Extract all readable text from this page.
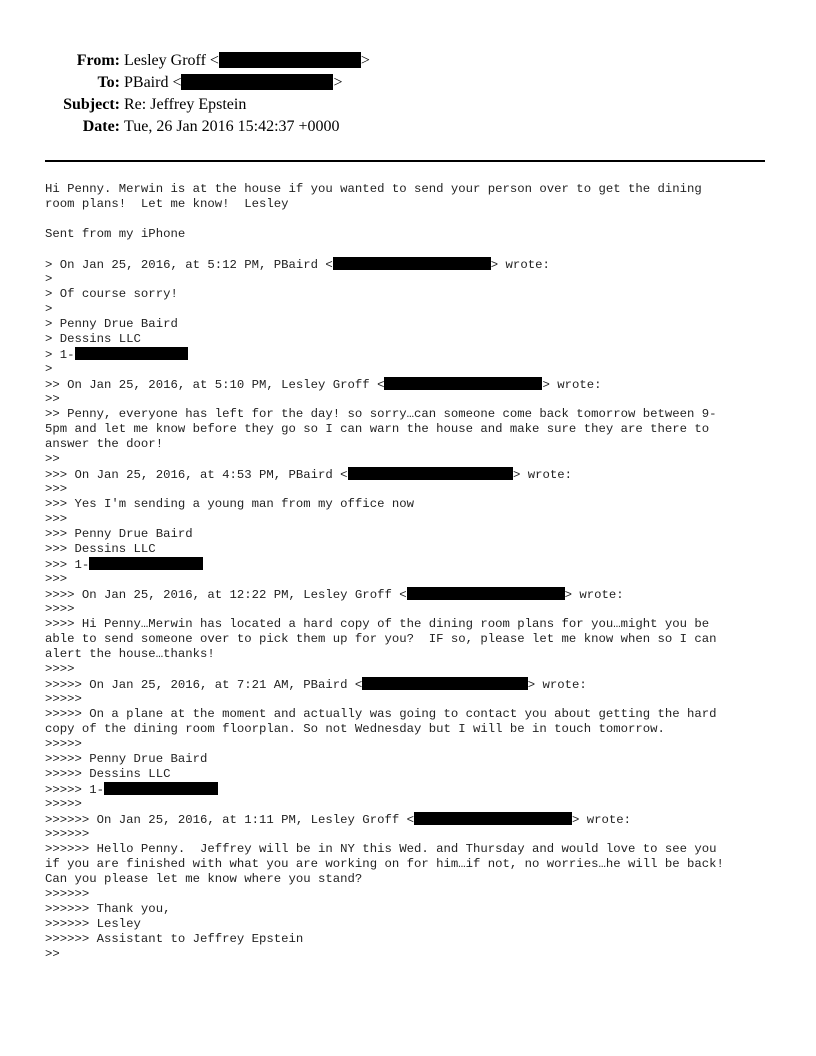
From: Lesley Groff <	>
To: PBaird <	>
Subject: Re: Jeffrey Epstein
Date: Tue, 26 Jan 2016 15:42:37 +0000
Hi Penny. Merwin is at the house if you wanted to send your person over to get the dining
room plans!  Let me know!  Lesley
Sent from my iPhone
> On Jan 25, 2016, at 5:12 PM, PBaird <	> wrote:
>
> Of course sorry!
>
> Penny Drue Baird
> Dessins LLC
> 1-
>
>> On Jan 25, 2016, at 5:10 PM, Lesley Groff <	> wrote:
>>
>> Penny, everyone has left for the day! so sorry…can someone come back tomorrow between 9-
5pm and let me know before they go so I can warn the house and make sure they are there to
answer the door!
>>
>>> On Jan 25, 2016, at 4:53 PM, PBaird <	> wrote:
>>>
>>> Yes I'm sending a young man from my office now
>>>
>>> Penny Drue Baird
>>> Dessins LLC
>>> 1-
>>>
>>>> On Jan 25, 2016, at 12:22 PM, Lesley Groff <	> wrote:
>>>>
>>>> Hi Penny…Merwin has located a hard copy of the dining room plans for you…might you be
able to send someone over to pick them up for you?  IF so, please let me know when so I can
alert the house…thanks!
>>>>
>>>>> On Jan 25, 2016, at 7:21 AM, PBaird <	> wrote:
>>>>>
>>>>> On a plane at the moment and actually was going to contact you about getting the hard
copy of the dining room floorplan. So not Wednesday but I will be in touch tomorrow.
>>>>>
>>>>> Penny Drue Baird
>>>>> Dessins LLC
>>>>> 1-
>>>>>
>>>>>> On Jan 25, 2016, at 1:11 PM, Lesley Groff <	> wrote:
>>>>>>
>>>>>> Hello Penny.  Jeffrey will be in NY this Wed. and Thursday and would love to see you
if you are finished with what you are working on for him…if not, no worries…he will be back!
Can you please let me know where you stand?
>>>>>>
>>>>>> Thank you,
>>>>>> Lesley
>>>>>> Assistant to Jeffrey Epstein
>>
